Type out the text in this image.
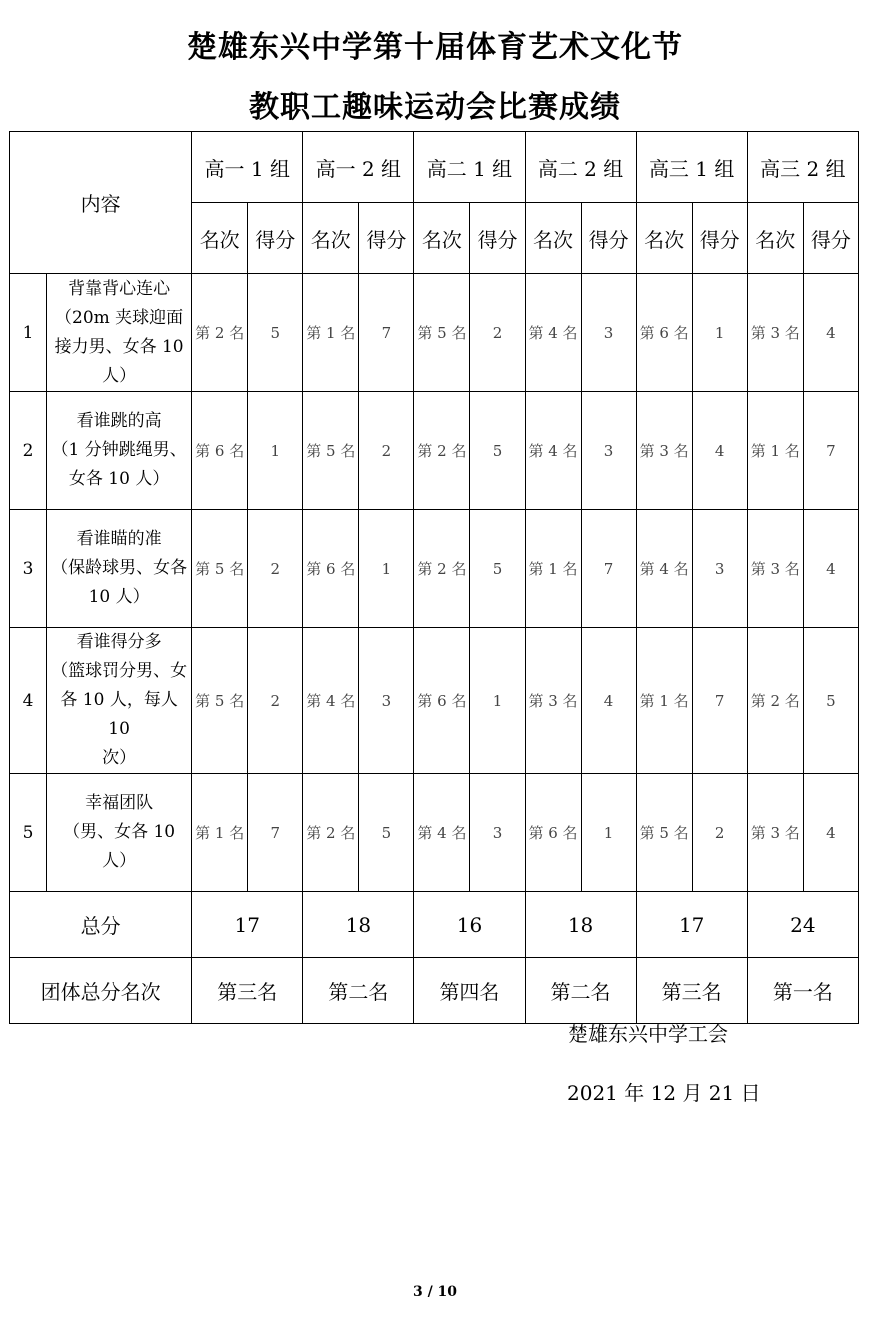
楚雄东兴中学第十届体育艺术文化节
教职工趣味运动会比赛成绩
内容		高一 1 组		高一 2 组		高二 1 组		高二 2 组		高三 1 组		高三 2 组	
		名次	得分	名次	得分	名次	得分	名次	得分	名次	得分	名次	得分
1	背靠背心连心
（20m 夹球迎面
接力男、女各 10
人）	第 2 名	5	第 1 名	7	第 5 名	2	第 4 名	3	第 6 名	1	第 3 名	4
2	看谁跳的高
（1 分钟跳绳男、
女各 10 人）	第 6 名	1	第 5 名	2	第 2 名	5	第 4 名	3	第 3 名	4	第 1 名	7
3	看谁瞄的准
（保龄球男、女各
10 人）	第 5 名	2	第 6 名	1	第 2 名	5	第 1 名	7	第 4 名	3	第 3 名	4
4	看谁得分多
（篮球罚分男、女
各 10 人，每人 10
次）	第 5 名	2	第 4 名	3	第 6 名	1	第 3 名	4	第 1 名	7	第 2 名	5
5	幸福团队
（男、女各 10 人）	第 1 名	7	第 2 名	5	第 4 名	3	第 6 名	1	第 5 名	2	第 3 名	4
总分		17		18		16		18		17		24	
团体总分名次		第三名		第二名		第四名		第二名		第三名		第一名	
楚雄东兴中学工会
2021 年 12 月 21 日
3 / 10
